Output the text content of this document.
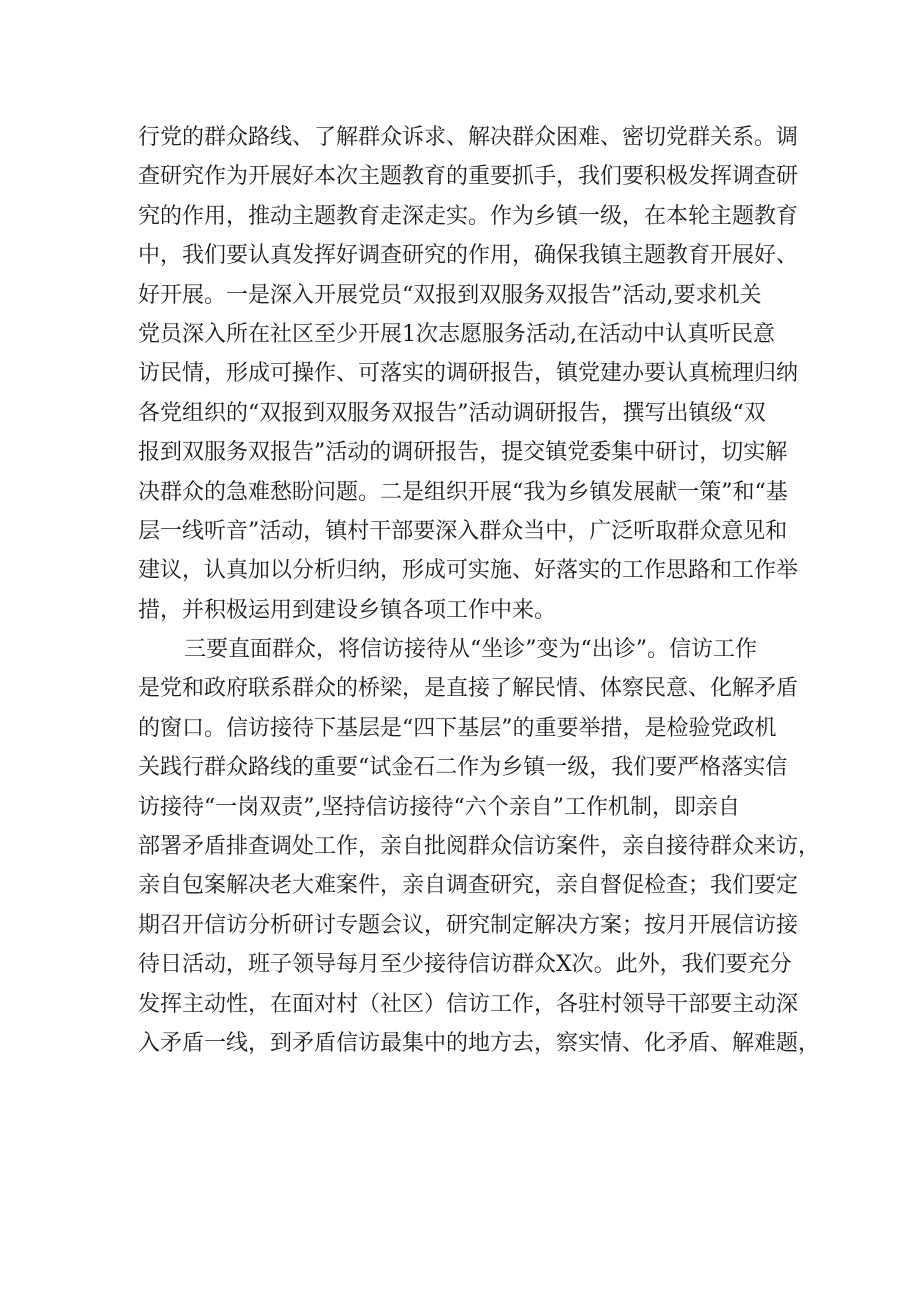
行党的群众路线、了解群众诉求、解决群众困难、密切党群关系。调
查研究作为开展好本次主题教育的重要抓手，我们要积极发挥调查研
究的作用，推动主题教育走深走实。作为乡镇一级，在本轮主题教育
中，我们要认真发挥好调查研究的作用，确保我镇主题教育开展好、
好开展。一是深入开展党员“双报到双服务双报告”活动,要求机关
党员深入所在社区至少开展1次志愿服务活动,在活动中认真听民意
访民情，形成可操作、可落实的调研报告，镇党建办要认真梳理归纳
各党组织的“双报到双服务双报告”活动调研报告，撰写出镇级“双
报到双服务双报告”活动的调研报告，提交镇党委集中研讨，切实解
决群众的急难愁盼问题。二是组织开展“我为乡镇发展献一策”和“基
层一线听音”活动，镇村干部要深入群众当中，广泛听取群众意见和
建议，认真加以分析归纳，形成可实施、好落实的工作思路和工作举
措，并积极运用到建设乡镇各项工作中来。

三要直面群众，将信访接待从“坐诊”变为“出诊”。信访工作
是党和政府联系群众的桥梁，是直接了解民情、体察民意、化解矛盾
的窗口。信访接待下基层是“四下基层”的重要举措，是检验党政机
关践行群众路线的重要“试金石二作为乡镇一级，我们要严格落实信
访接待“一岗双责”,坚持信访接待“六个亲自”工作机制，即亲自
部署矛盾排查调处工作，亲自批阅群众信访案件，亲自接待群众来访，
亲自包案解决老大难案件，亲自调查研究，亲自督促检查；我们要定
期召开信访分析研讨专题会议，研究制定解决方案；按月开展信访接
待日活动，班子领导每月至少接待信访群众X次。此外，我们要充分
发挥主动性，在面对村（社区）信访工作，各驻村领导干部要主动深
入矛盾一线，到矛盾信访最集中的地方去，察实情、化矛盾、解难题，
